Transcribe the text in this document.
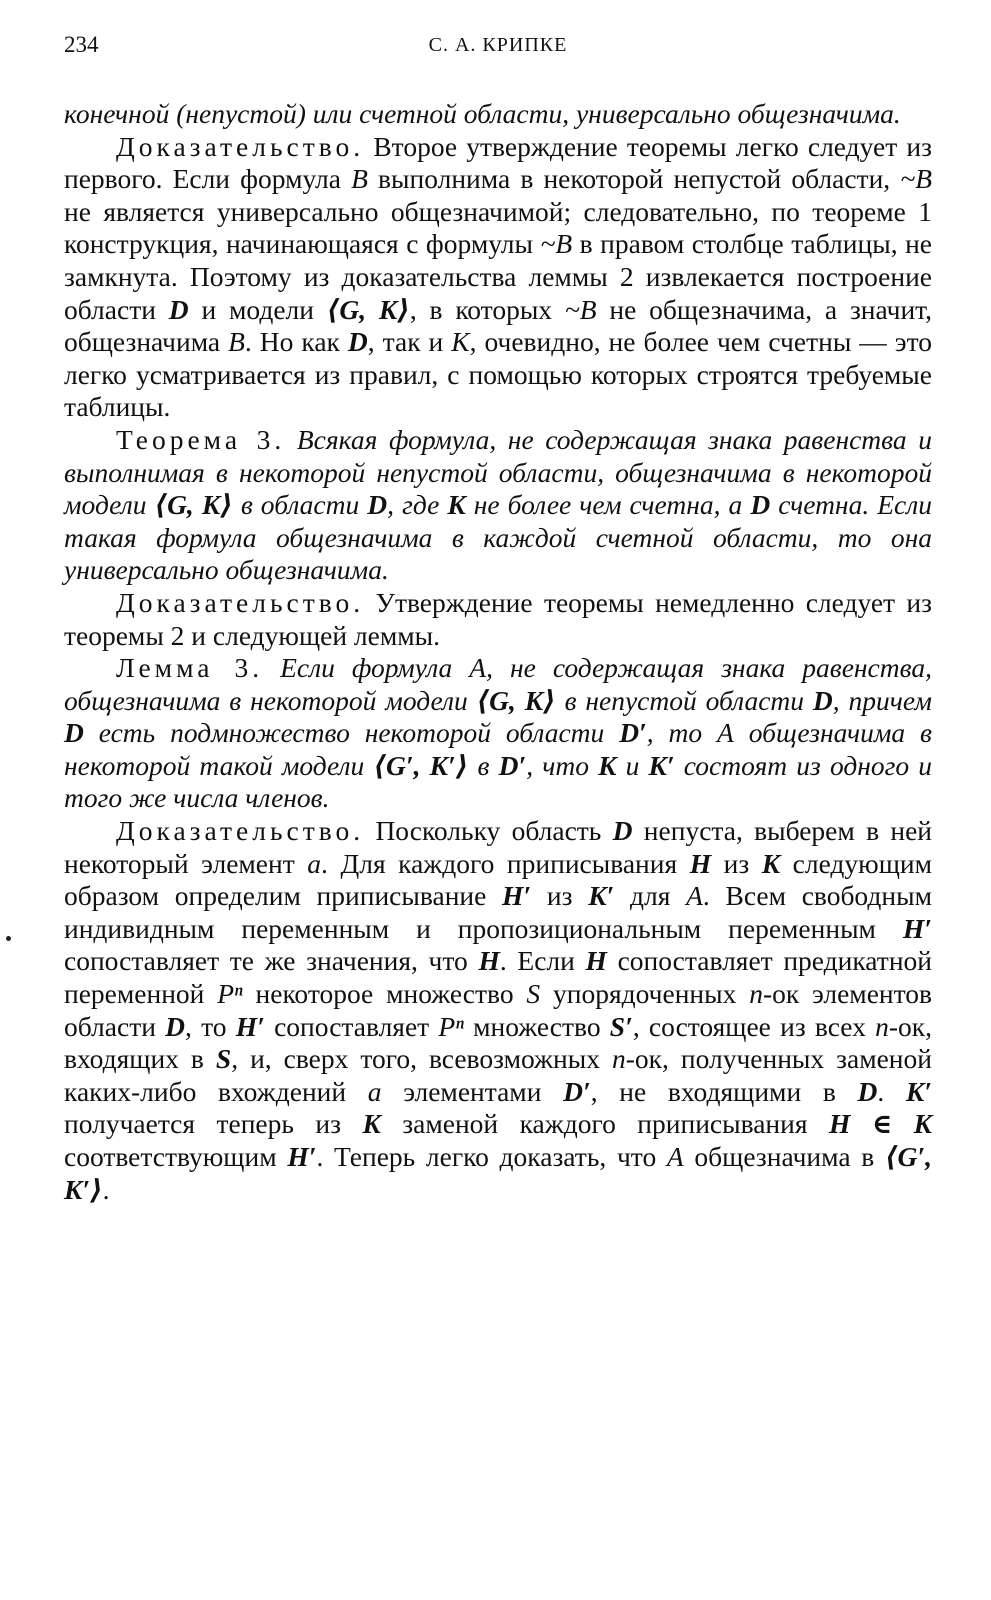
234	С. А. КРИПКЕ

конечной (непустой) или счетной области, универсально общезначима.

Доказательство. Второе утверждение теоремы легко следует из первого. Если формула B выполнима в некоторой непустой области, ~B не является универсально общезначимой; следовательно, по теореме 1 конструкция, начинающаяся с формулы ~B в правом столбце таблицы, не замкнута. Поэтому из доказательства леммы 2 извлекается построение области D и модели ⟨G, K⟩, в которых ~B не общезначима, а значит, общезначима B. Но как D, так и K, очевидно, не более чем счетны — это легко усматривается из правил, с помощью которых строятся требуемые таблицы.

Теорема 3. Всякая формула, не содержащая знака равенства и выполнимая в некоторой непустой области, общезначима в некоторой модели ⟨G, K⟩ в области D, где K не более чем счетна, а D счетна. Если такая формула общезначима в каждой счетной области, то она универсально общезначима.

Доказательство. Утверждение теоремы немедленно следует из теоремы 2 и следующей леммы.

Лемма 3. Если формула А, не содержащая знака равенства, общезначима в некоторой модели ⟨G, K⟩ в непустой области D, причем D есть подмножество некоторой области D′, то А общезначима в некоторой такой модели ⟨G′, K′⟩ в D′, что K и K′ состоят из одного и того же числа членов.

Доказательство. Поскольку область D непуста, выберем в ней некоторый элемент a. Для каждого приписывания H из K следующим образом определим приписывание H′ из K′ для A. Всем свободным индивидным переменным и пропозициональным переменным H′ сопоставляет те же значения, что H. Если H сопоставляет предикатной переменной Pⁿ некоторое множество S упорядоченных n-ок элементов области D, то H′ сопоставляет Pⁿ множество S′, состоящее из всех n-ок, входящих в S, и, сверх того, всевозможных n-ок, полученных заменой каких-либо вхождений a элементами D′, не входящими в D. K′ получается теперь из K заменой каждого приписывания H ∈ K соответствующим H′. Теперь легко доказать, что A общезначима в ⟨G′, K′⟩.
